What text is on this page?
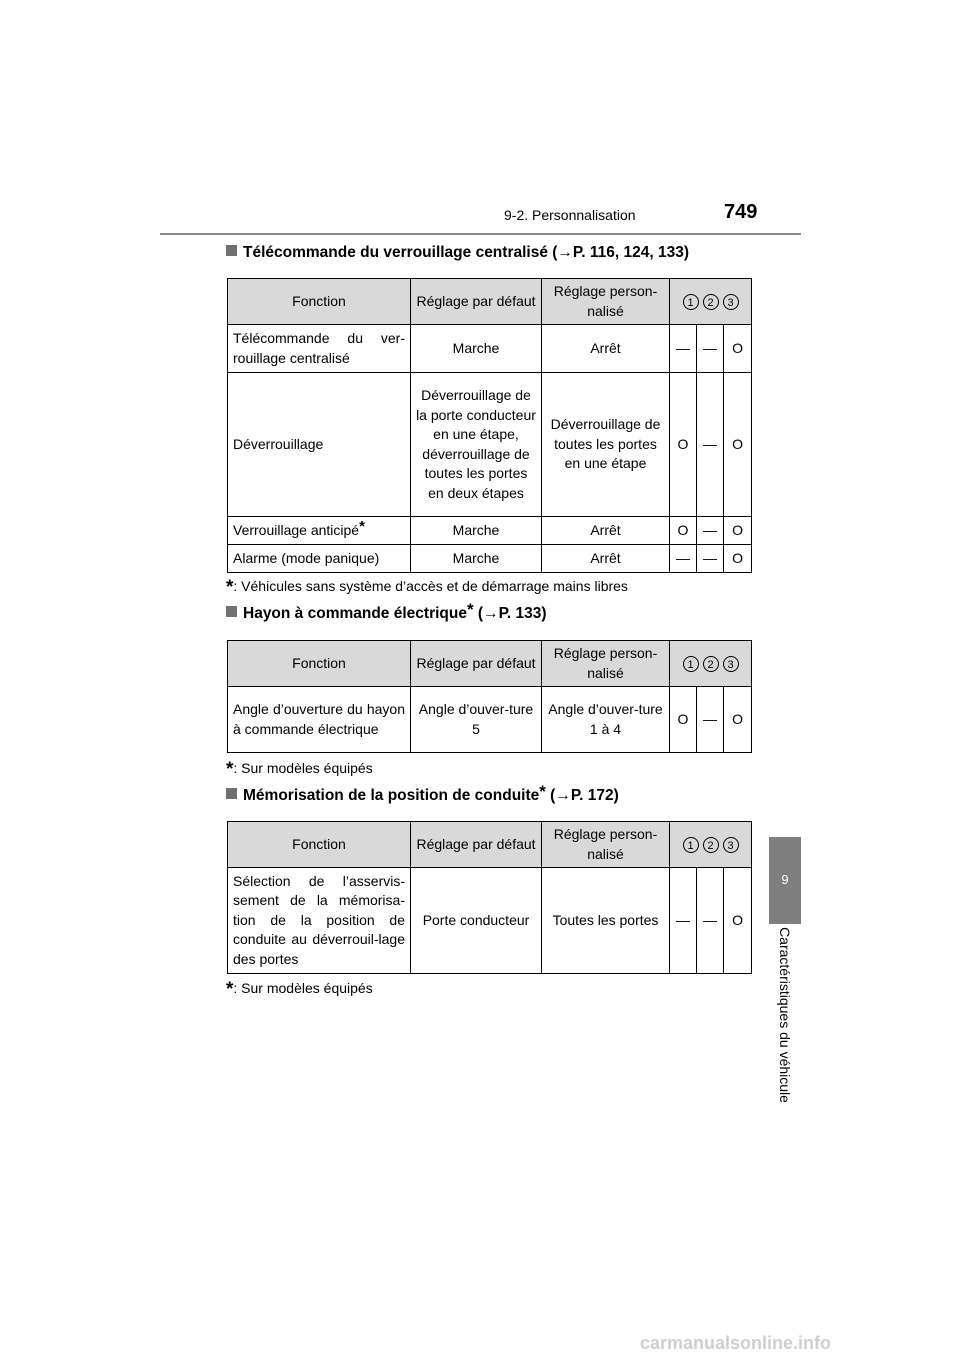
9-2. Personnalisation	749
9
Caractéristiques du véhicule
Télécommande du verrouillage centralisé (→P. 116, 124, 133)
Fonction	Réglage par défaut	Réglage person-nalisé	1 2 3		
Télécommande du ver-rouillage centralisé	Marche	Arrêt	—	—	O
Déverrouillage	Déverrouillage de la porte conducteur en une étape, déverrouillage de toutes les portes en deux étapes	Déverrouillage de toutes les portes en une étape	O	—	O
Verrouillage anticipé*	Marche	Arrêt	O	—	O
Alarme (mode panique)	Marche	Arrêt	—	—	O
*: Véhicules sans système d’accès et de démarrage mains libres
Hayon à commande électrique* (→P. 133)
Fonction	Réglage par défaut	Réglage person-nalisé	1 2 3		
Angle d’ouverture du hayon à commande électrique	Angle d’ouver-ture 5	Angle d’ouver-ture 1 à 4	O	—	O
*: Sur modèles équipés
Mémorisation de la position de conduite* (→P. 172)
Fonction	Réglage par défaut	Réglage person-nalisé	1 2 3		
Sélection de l’asservis-sement de la mémorisa-tion de la position de conduite au déverrouil-lage des portes	Porte conducteur	Toutes les portes	—	—	O
*: Sur modèles équipés
carmanualsonline.info
